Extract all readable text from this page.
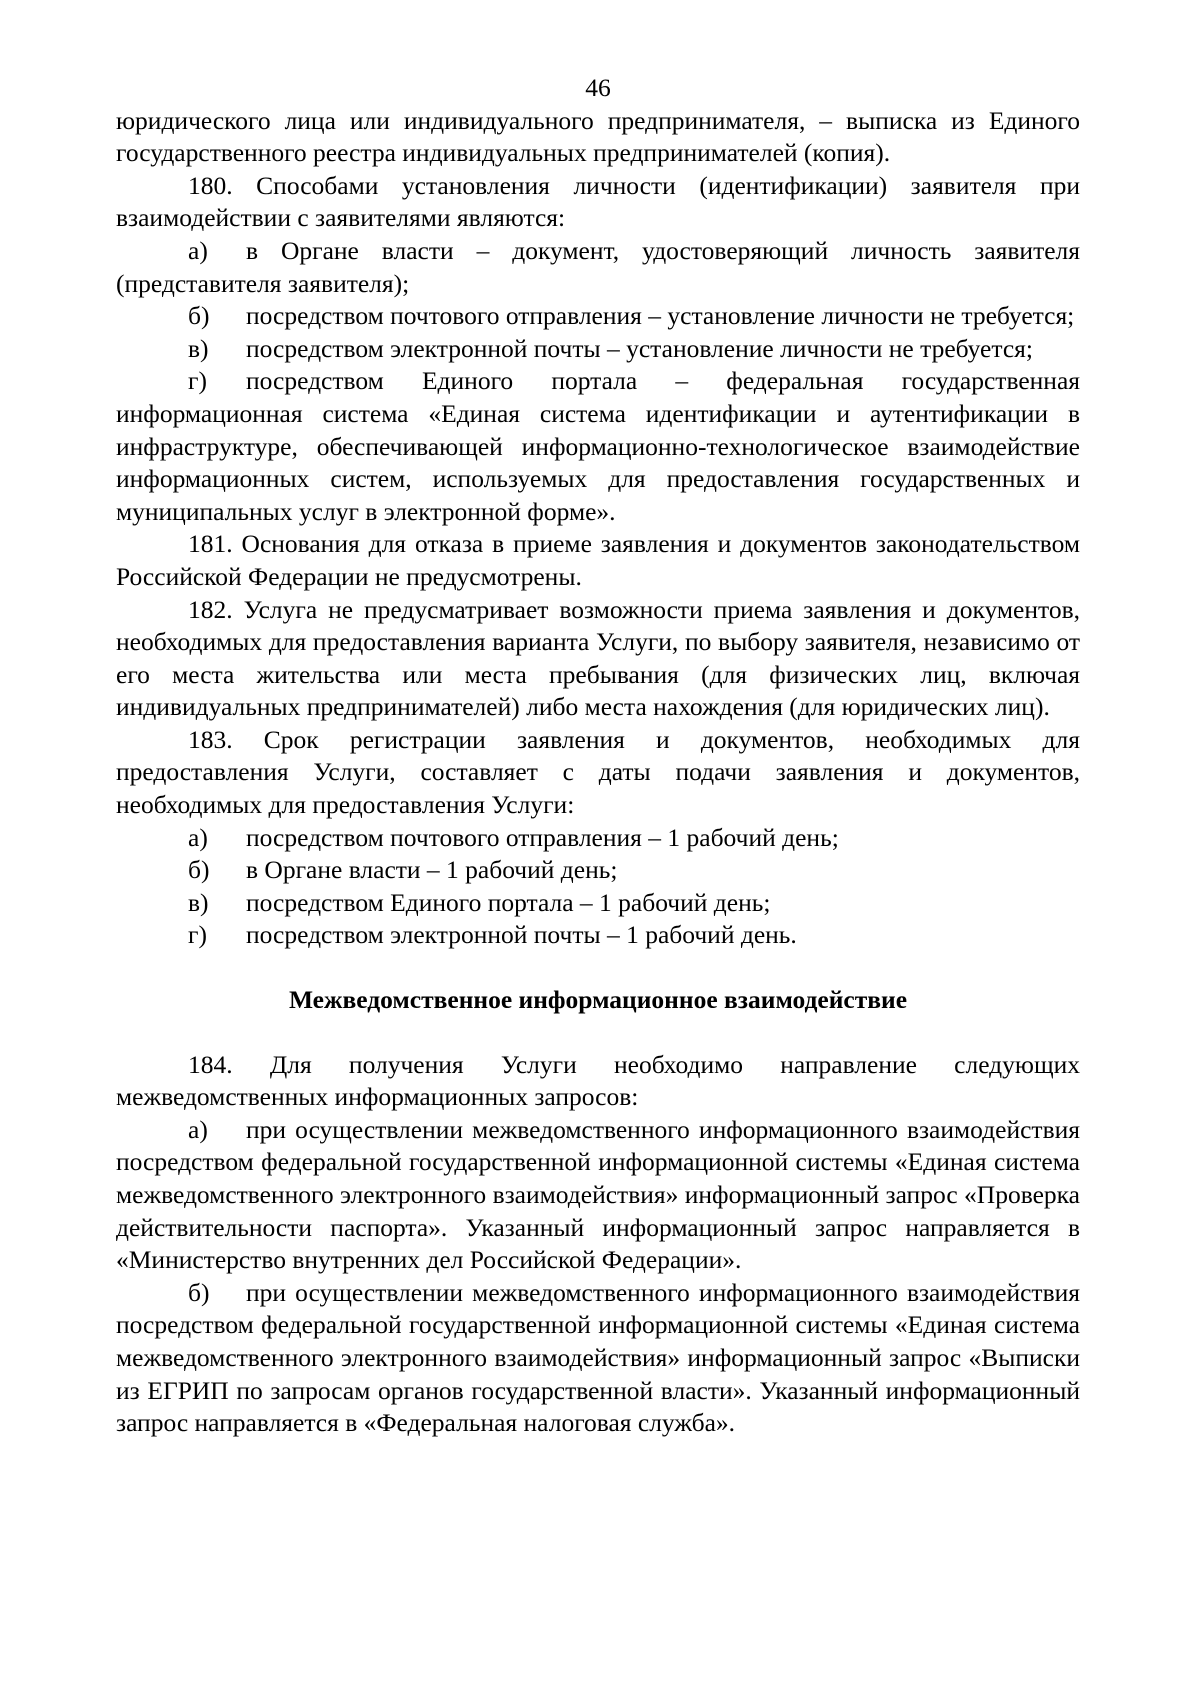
46

юридического лица или индивидуального предпринимателя, – выписка из Единого государственного реестра индивидуальных предпринимателей (копия).

180. Способами установления личности (идентификации) заявителя при взаимодействии с заявителями являются:

а) в Органе власти – документ, удостоверяющий личность заявителя (представителя заявителя);

б) посредством почтового отправления – установление личности не требуется;

в) посредством электронной почты – установление личности не требуется;

г) посредством Единого портала – федеральная государственная информационная система «Единая система идентификации и аутентификации в инфраструктуре, обеспечивающей информационно-технологическое взаимодействие информационных систем, используемых для предоставления государственных и муниципальных услуг в электронной форме».

181. Основания для отказа в приеме заявления и документов законодательством Российской Федерации не предусмотрены.

182. Услуга не предусматривает возможности приема заявления и документов, необходимых для предоставления варианта Услуги, по выбору заявителя, независимо от его места жительства или места пребывания (для физических лиц, включая индивидуальных предпринимателей) либо места нахождения (для юридических лиц).

183. Срок регистрации заявления и документов, необходимых для предоставления Услуги, составляет с даты подачи заявления и документов, необходимых для предоставления Услуги:

а) посредством почтового отправления – 1 рабочий день;

б) в Органе власти – 1 рабочий день;

в) посредством Единого портала – 1 рабочий день;

г) посредством электронной почты – 1 рабочий день.

Межведомственное информационное взаимодействие

184. Для получения Услуги необходимо направление следующих межведомственных информационных запросов:

а) при осуществлении межведомственного информационного взаимодействия посредством федеральной государственной информационной системы «Единая система межведомственного электронного взаимодействия» информационный запрос «Проверка действительности паспорта». Указанный информационный запрос направляется в «Министерство внутренних дел Российской Федерации».

б) при осуществлении межведомственного информационного взаимодействия посредством федеральной государственной информационной системы «Единая система межведомственного электронного взаимодействия» информационный запрос «Выписки из ЕГРИП по запросам органов государственной власти». Указанный информационный запрос направляется в «Федеральная налоговая служба».
